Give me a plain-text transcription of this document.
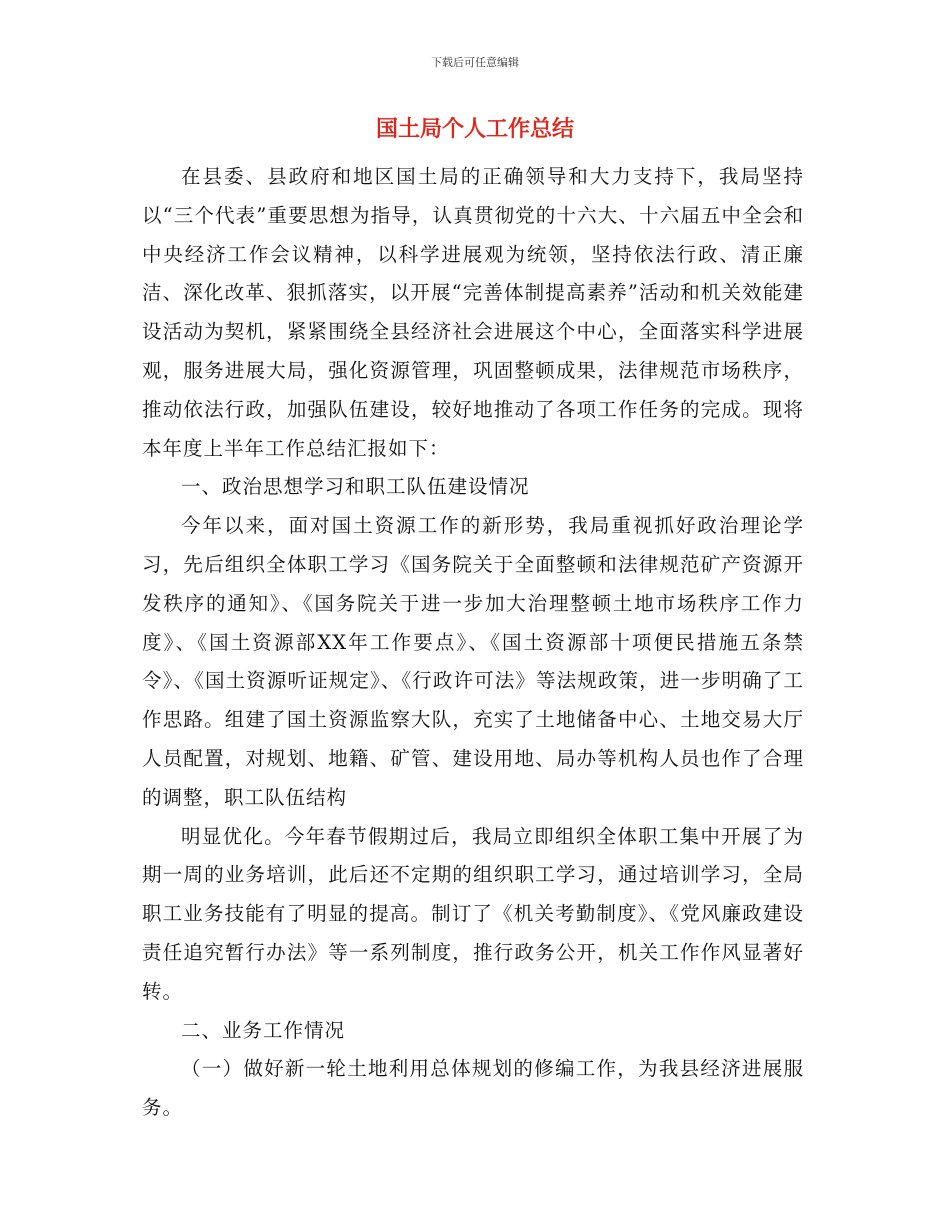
下载后可任意编辑
国土局个人工作总结

在县委、县政府和地区国土局的正确领导和大力支持下，我局坚持以“三个代表”重要思想为指导，认真贯彻党的十六大、十六届五中全会和中央经济工作会议精神，以科学进展观为统领，坚持依法行政、清正廉洁、深化改革、狠抓落实，以开展“完善体制提高素养”活动和机关效能建设活动为契机，紧紧围绕全县经济社会进展这个中心，全面落实科学进展观，服务进展大局，强化资源管理，巩固整顿成果，法律规范市场秩序，推动依法行政，加强队伍建设，较好地推动了各项工作任务的完成。现将本年度上半年工作总结汇报如下：

一、政治思想学习和职工队伍建设情况

今年以来，面对国土资源工作的新形势，我局重视抓好政治理论学习，先后组织全体职工学习《国务院关于全面整顿和法律规范矿产资源开发秩序的通知》、《国务院关于进一步加大治理整顿土地市场秩序工作力度》、《国土资源部XX年工作要点》、《国土资源部十项便民措施五条禁令》、《国土资源听证规定》、《行政许可法》等法规政策，进一步明确了工作思路。组建了国土资源监察大队，充实了土地储备中心、土地交易大厅人员配置，对规划、地籍、矿管、建设用地、局办等机构人员也作了合理的调整，职工队伍结构

明显优化。今年春节假期过后，我局立即组织全体职工集中开展了为期一周的业务培训，此后还不定期的组织职工学习，通过培训学习，全局职工业务技能有了明显的提高。制订了《机关考勤制度》、《党风廉政建设责任追究暂行办法》等一系列制度，推行政务公开，机关工作作风显著好转。

二、业务工作情况

（一）做好新一轮土地利用总体规划的修编工作，为我县经济进展服务。
